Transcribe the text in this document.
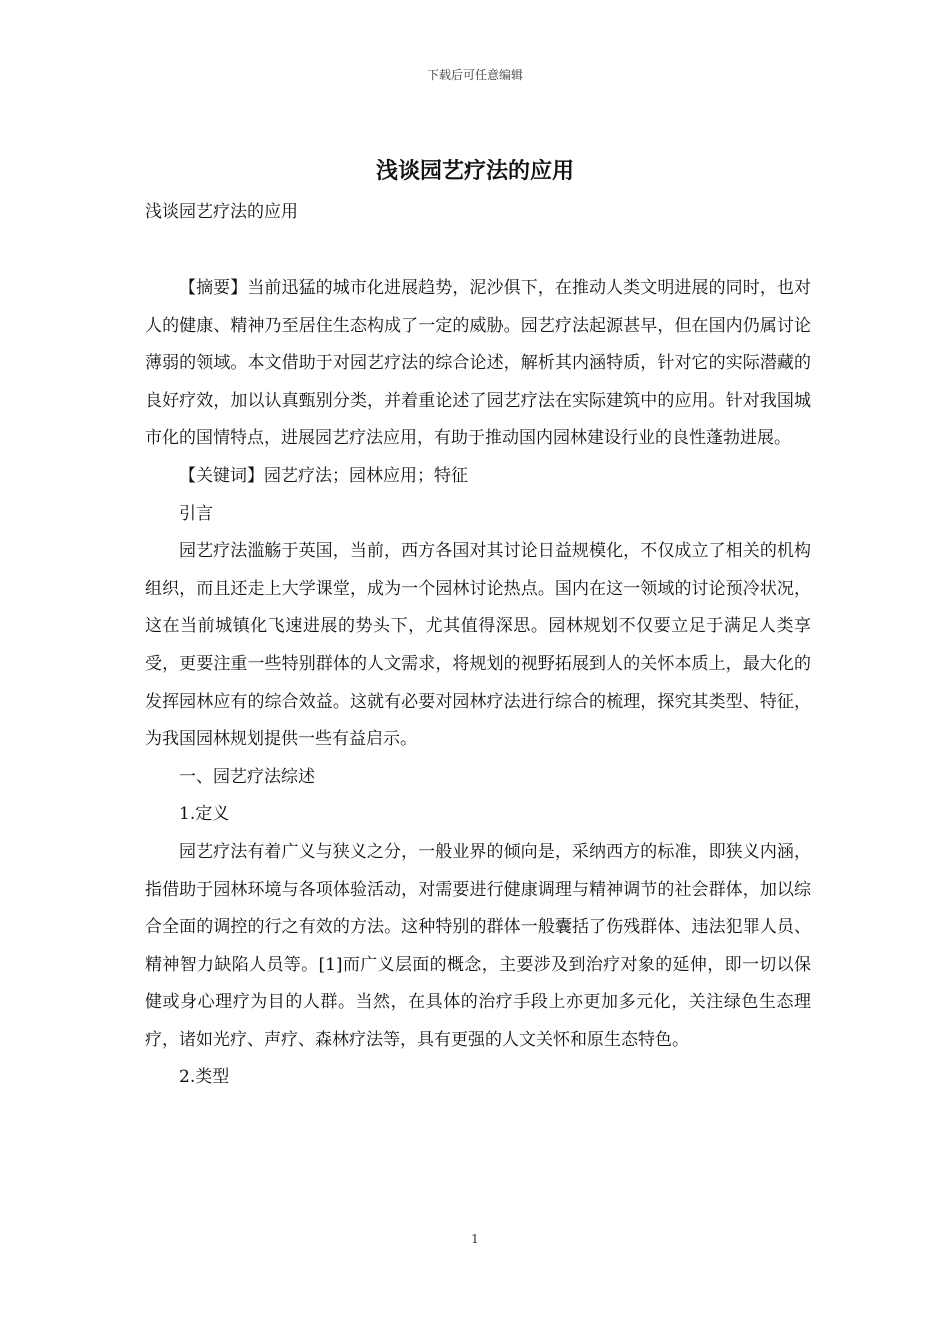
下载后可任意编辑
浅谈园艺疗法的应用
浅谈园艺疗法的应用

【摘要】当前迅猛的城市化进展趋势，泥沙俱下，在推动人类文明进展的同时，也对人的健康、精神乃至居住生态构成了一定的威胁。园艺疗法起源甚早，但在国内仍属讨论薄弱的领域。本文借助于对园艺疗法的综合论述，解析其内涵特质，针对它的实际潜藏的良好疗效，加以认真甄别分类，并着重论述了园艺疗法在实际建筑中的应用。针对我国城市化的国情特点，进展园艺疗法应用，有助于推动国内园林建设行业的良性蓬勃进展。

【关键词】园艺疗法；园林应用；特征

引言

园艺疗法滥觞于英国，当前，西方各国对其讨论日益规模化，不仅成立了相关的机构组织，而且还走上大学课堂，成为一个园林讨论热点。国内在这一领域的讨论预冷状况，这在当前城镇化飞速进展的势头下，尤其值得深思。园林规划不仅要立足于满足人类享受，更要注重一些特别群体的人文需求，将规划的视野拓展到人的关怀本质上，最大化的发挥园林应有的综合效益。这就有必要对园林疗法进行综合的梳理，探究其类型、特征，为我国园林规划提供一些有益启示。

一、园艺疗法综述

1.定义

园艺疗法有着广义与狭义之分，一般业界的倾向是，采纳西方的标准，即狭义内涵，指借助于园林环境与各项体验活动，对需要进行健康调理与精神调节的社会群体，加以综合全面的调控的行之有效的方法。这种特别的群体一般囊括了伤残群体、违法犯罪人员、精神智力缺陷人员等。[1]而广义层面的概念，主要涉及到治疗对象的延伸，即一切以保健或身心理疗为目的人群。当然，在具体的治疗手段上亦更加多元化，关注绿色生态理疗，诸如光疗、声疗、森林疗法等，具有更强的人文关怀和原生态特色。

2.类型

1
